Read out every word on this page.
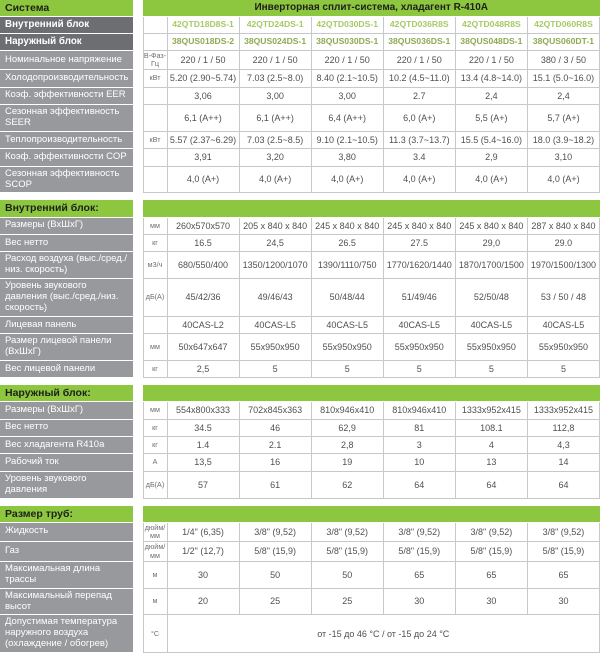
Система		Инверторная сплит-система, хладагент R-410A						
Внутренний блок			42QTD18D8S-1	42QTD24DS-1	42QTD030DS-1	42QTD036R8S	42QTD048R8S	42QTD060R8S
Наружный блок			38QUS018DS-2	38QUS024DS-1	38QUS030DS-1	38QUS036DS-1	38QUS048DS-1	38QUS060DT-1
Номинальное напряжение		В-Фаз-Гц	220 / 1 / 50	220 / 1 / 50	220 / 1 / 50	220 / 1 / 50	220 / 1 / 50	380 / 3 / 50
Холодопроизводительность		кВт	5.20 (2.90~5.74)	7.03 (2.5~8.0)	8.40 (2.1~10.5)	10.2 (4.5~11.0)	13.4 (4.8~14.0)	15.1 (5.0~16.0)
Коэф. эффективности EER			3,06	3,00	3,00	2.7	2,4	2,4
Сезонная эффективность SEER			6,1 (A++)	6,1 (A++)	6,4 (A++)	6,0 (A+)	5,5 (A+)	5,7 (A+)
Теплопроизводительность		кВт	5.57 (2.37~6.29)	7.03 (2.5~8.5)	9.10 (2.1~10.5)	11.3 (3.7~13.7)	15.5 (5.4~16.0)	18.0 (3.9~18.2)
Коэф. эффективности COP			3,91	3,20	3,80	3.4	2,9	3,10
Сезонная эффективность SCOP			4,0 (A+)	4,0 (A+)	4,0 (A+)	4,0 (A+)	4,0 (A+)	4,0 (A+)
Внутренний блок:								
Размеры (ВхШхГ)		мм	260x570x570	205 x 840 x 840	245 x 840 x 840	245 x 840 x 840	245 x 840 x 840	287 x 840 x 840
Вес нетто		кг	16.5	24,5	26.5	27.5	29,0	29.0
Расход воздуха (выс./сред./низ. скорость)		м3/ч	680/550/400	1350/1200/1070	1390/1110/750	1770/1620/1440	1870/1700/1500	1970/1500/1300
Уровень звукового давления (выс./сред./низ. скорость)		дБ(А)	45/42/36	49/46/43	50/48/44	51/49/46	52/50/48	53 / 50 / 48
Лицевая панель			40CAS-L2	40CAS-L5	40CAS-L5	40CAS-L5	40CAS-L5	40CAS-L5
Размер лицевой панели (ВхШхГ)		мм	50x647x647	55x950x950	55x950x950	55x950x950	55x950x950	55x950x950
Вес лицевой панели		кг	2,5	5	5	5	5	5
Наружный блок:								
Размеры (ВхШхГ)		мм	554x800x333	702x845x363	810x946x410	810x946x410	1333x952x415	1333x952x415
Вес нетто		кг	34.5	46	62,9	81	108.1	112,8
Вес хладагента R410a		кг	1.4	2.1	2,8	3	4	4,3
Рабочий ток		А	13,5	16	19	10	13	14
Уровень звукового давления		дБ(А)	57	61	62	64	64	64
Размер труб:								
Жидкость		дюйм/мм	1/4" (6,35)	3/8" (9,52)	3/8" (9,52)	3/8" (9,52)	3/8" (9,52)	3/8" (9,52)
Газ		дюйм/мм	1/2" (12,7)	5/8" (15,9)	5/8" (15,9)	5/8" (15,9)	5/8" (15,9)	5/8" (15,9)
Максимальная длина трассы		м	30	50	50	65	65	65
Максимальный перепад высот		м	20	25	25	30	30	30
Допустимая температура наружного воздуха (охлаждение / обогрев)		°C	от -15 до 46 °C / от -15 до 24 °C					
